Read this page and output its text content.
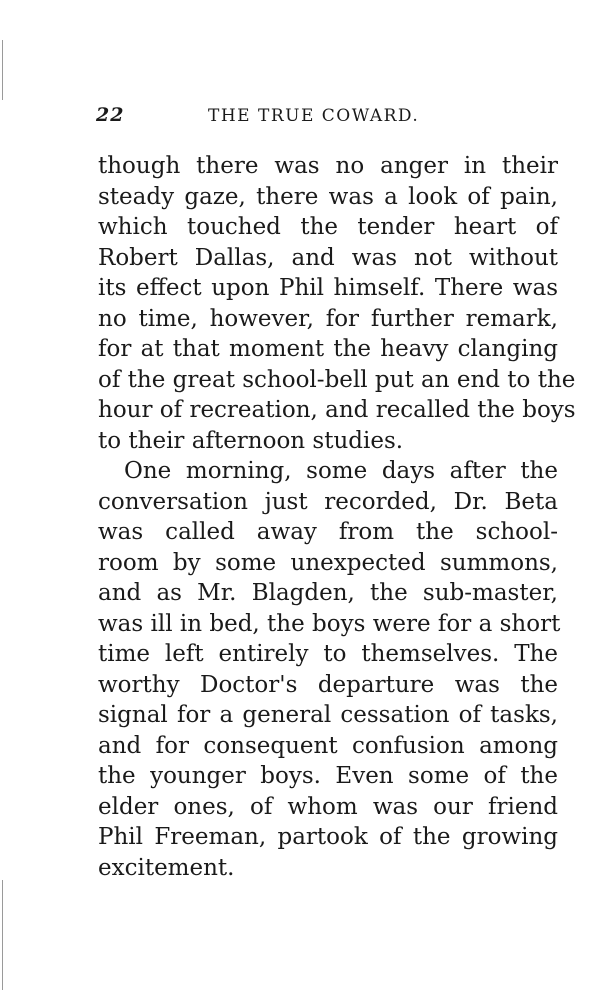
22	THE TRUE COWARD.
though there was no anger in their
steady gaze, there was a look of pain,
which touched the tender heart of
Robert Dallas, and was not without
its effect upon Phil himself. There was
no time, however, for further remark,
for at that moment the heavy clanging
of the great school-bell put an end to the
hour of recreation, and recalled the boys
to their afternoon studies.
One morning, some days after the
conversation just recorded, Dr. Beta
was called away from the school-
room by some unexpected summons,
and as Mr. Blagden, the sub-master,
was ill in bed, the boys were for a short
time left entirely to themselves. The
worthy Doctor's departure was the
signal for a general cessation of tasks,
and for consequent confusion among
the younger boys. Even some of the
elder ones, of whom was our friend
Phil Freeman, partook of the growing
excitement.
